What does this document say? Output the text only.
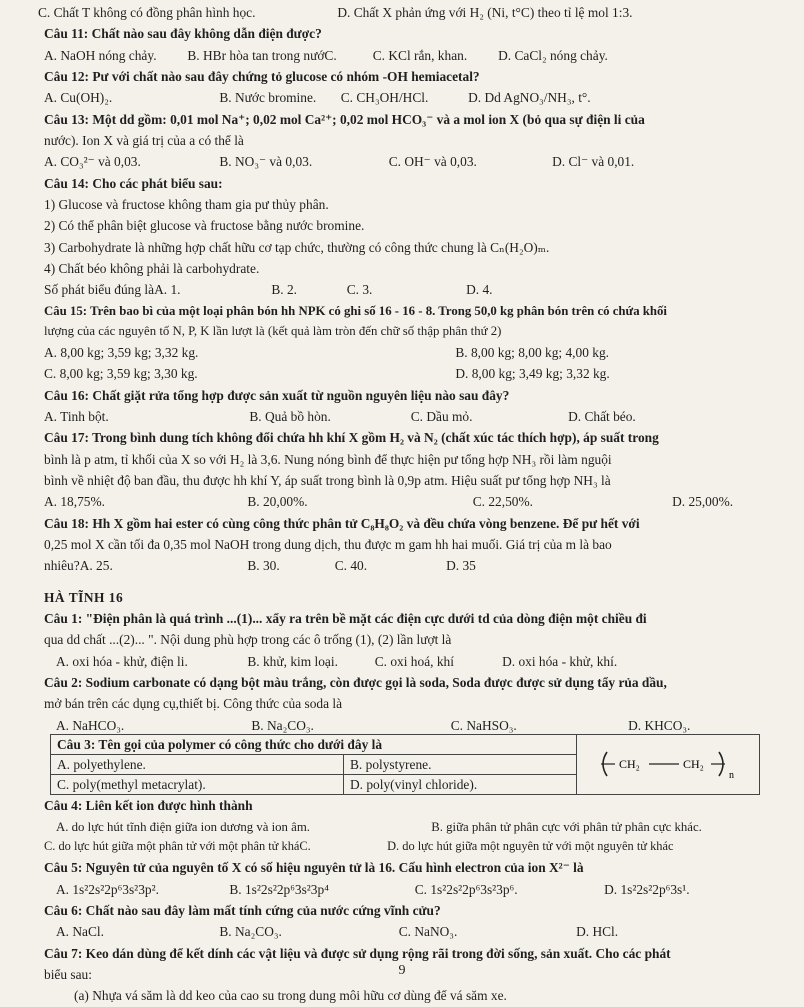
C. Chất T không có đồng phân hình học.	D. Chất X phản ứng với H₂ (Ni, t°C) theo tỉ lệ mol 1:3.
Câu 11: Chất nào sau đây không dẫn điện được?
A. NaOH nóng chảy. B. HBr hòa tan trong nướC.	C. KCl rắn, khan. D. CaCl₂ nóng chảy.
Câu 12: Pư với chất nào sau đây chứng tỏ glucose có nhóm -OH hemiacetal?
A. Cu(OH)₂.	B. Nước bromine. C. CH₃OH/HCl.	D. Dd AgNO₃/NH₃, t°.
Câu 13: Một dd gồm: 0,01 mol Na⁺; 0,02 mol Ca²⁺; 0,02 mol HCO₃⁻ và a mol ion X (bỏ qua sự điện li của
nước). Ion X và giá trị của a có thể là
A. CO₃²⁻ và 0,03.	B. NO₃⁻ và 0,03.	C. OH⁻ và 0,03.	D. Cl⁻ và 0,01.
Câu 14: Cho các phát biểu sau:
1) Glucose và fructose không tham gia pư thủy phân.
2) Có thể phân biệt glucose và fructose bằng nước bromine.
3) Carbohydrate là những hợp chất hữu cơ tạp chức, thường có công thức chung là Cₙ(H₂O)ₘ.
4) Chất béo không phải là carbohydrate.
Số phát biểu đúng làA. 1.	B. 2.	C. 3.	D. 4.
Câu 15: Trên bao bì của một loại phân bón hh NPK có ghi số 16 - 16 - 8. Trong 50,0 kg phân bón trên có chứa khối
lượng của các nguyên tố N, P, K lần lượt là (kết quả làm tròn đến chữ số thập phân thứ 2)
A. 8,00 kg; 3,59 kg; 3,32 kg.	B. 8,00 kg; 8,00 kg; 4,00 kg.
C. 8,00 kg; 3,59 kg; 3,30 kg.	D. 8,00 kg; 3,49 kg; 3,32 kg.
Câu 16: Chất giặt rửa tổng hợp được sản xuất từ nguồn nguyên liệu nào sau đây?
A. Tinh bột.	B. Quả bồ hòn.	C. Dầu mỏ.	D. Chất béo.
Câu 17: Trong bình dung tích không đổi chứa hh khí X gồm H₂ và N₂ (chất xúc tác thích hợp), áp suất trong
bình là p atm, tỉ khối của X so với H₂ là 3,6. Nung nóng bình để thực hiện pư tổng hợp NH₃ rồi làm nguội
bình về nhiệt độ ban đầu, thu được hh khí Y, áp suất trong bình là 0,9p atm. Hiệu suất pư tổng hợp NH₃ là
A. 18,75%.	B. 20,00%.	C. 22,50%.	D. 25,00%.
Câu 18: Hh X gồm hai ester có cùng công thức phân tử C₈H₈O₂ và đều chứa vòng benzene. Để pư hết với
0,25 mol X cần tối đa 0,35 mol NaOH trong dung dịch, thu được m gam hh hai muối. Giá trị của m là bao
nhiêu?A. 25.	B. 30.	C. 40.	D. 35
HÀ TĨNH 16
Câu 1: "Điện phân là quá trình ...(1)... xẩy ra trên bề mặt các điện cực dưới td của dòng điện một chiều đi
qua dd chất ...(2)... ". Nội dung phù hợp trong các ô trống (1), (2) lần lượt là
A. oxi hóa - khử, điện li.	B. khử, kim loại.	C. oxi hoá, khí	D. oxi hóa - khử, khí.
Câu 2: Sodium carbonate có dạng bột màu trắng, còn được gọi là soda, Soda được được sử dụng tẩy rủa dầu,
mở bán trên các dụng cụ,thiết bị. Công thức của soda là
A. NaHCO₃.	B. Na₂CO₃.	C. NaHSO₃.	D. KHCO₃.
Câu 3: Tên gọi của polymer có công thức cho dưới đây là		CH₂ CH₂
n

A. polyethylene.	B. polystyrene.	
C. poly(methyl metacrylat).	D. poly(vinyl chloride).	
Câu 4: Liên kết ion được hình thành
A. do lực hút tĩnh điện giữa ion dương và ion âm.	B. giữa phân tử phân cực với phân tử phân cực khác.
C. do lực hút giữa một phân tử với một phân tử kháC.	D. do lực hút giữa một nguyên tử với một nguyên tử khác
Câu 5: Nguyên tử của nguyên tố X có số hiệu nguyên tử là 16. Cấu hình electron của ion X²⁻ là
A. 1s²2s²2p⁶3s²3p².	B. 1s²2s²2p⁶3s²3p⁴	C. 1s²2s²2p⁶3s²3p⁶.	D. 1s²2s²2p⁶3s¹.
Câu 6: Chất nào sau đây làm mất tính cứng của nước cứng vĩnh cửu?
A. NaCl.	B. Na₂CO₃.	C. NaNO₃.	D. HCl.
Câu 7: Keo dán dùng để kết dính các vật liệu và được sử dụng rộng rãi trong đời sống, sản xuất. Cho các phát
biểu sau:
(a) Nhựa vá săm là dd keo của cao su trong dung môi hữu cơ dùng để vá săm xe.
9
